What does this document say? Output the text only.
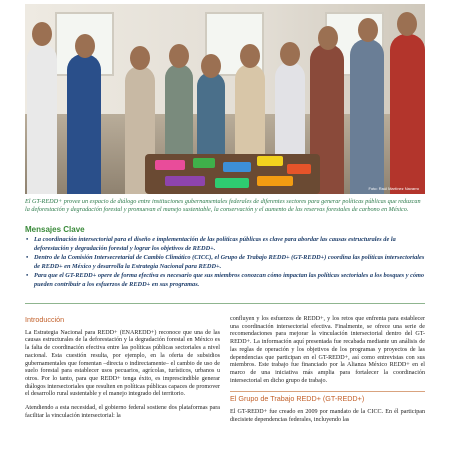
Foto: Raúl Martínez Navarro
El GT-REDD+ provee un espacio de diálogo entre instituciones gubernamentales federales de diferentes sectores para generar políticas públicas que reduzcan la deforestación y degradación forestal y promuevan el manejo sustentable, la conservación y el aumento de las reservas forestales de carbono en México.
Mensajes Clave
• La coordinación intersectorial para el diseño e implementación de las políticas públicas es clave para abordar las causas estructurales de la deforestación y degradación forestal y lograr los objetivos de REDD+.
• Dentro de la Comisión Intersecretarial de Cambio Climático (CICC), el Grupo de Trabajo REDD+ (GT-REDD+) coordina las políticas intersectoriales de REDD+ en México y desarrolla la Estrategia Nacional para REDD+.
• Para que el GT-REDD+ opere de forma efectiva es necesario que sus miembros conozcan cómo impactan las políticas sectoriales a los bosques y cómo pueden contribuir a los esfuerzos de REDD+ en sus programas.
Introducción

La Estrategia Nacional para REDD+ (ENAREDD+) reconoce que una de las causas estructurales de la deforestación y la degradación forestal en México es la falta de coordinación efectiva entre las políticas públicas sectoriales a nivel nacional. Esta cuestión resulta, por ejemplo, en la oferta de subsidios gubernamentales que fomentan –directa o indirectamente– el cambio de uso de suelo forestal para establecer usos pecuarios, agrícolas, turísticos, urbanos u otros. Por lo tanto, para que REDD+ tenga éxito, es imprescindible generar diálogos intersectoriales que resulten en políticas públicas capaces de promover el desarrollo rural sustentable y el manejo integrado del territorio.

Atendiendo a esta necesidad, el gobierno federal sostiene dos plataformas para facilitar la vinculación intersectorial: la

confluyen y los esfuerzos de REDD+, y los retos que enfrenta para establecer una coordinación intersectorial efectiva. Finalmente, se ofrece una serie de recomendaciones para mejorar la vinculación intersectorial dentro del GT-REDD+. La información aquí presentada fue recabada mediante un análisis de las reglas de operación y los objetivos de los programas y proyectos de las dependencias que participan en el GT-REDD+, así como entrevistas con sus miembros. Este trabajo fue financiado por la Alianza México REDD+ en el marco de una iniciativa más amplia para fortalecer la coordinación intersectorial en dicho grupo de trabajo.

El Grupo de Trabajo REDD+ (GT-REDD+)

El GT-REDD+ fue creado en 2009 por mandato de la CICC. En él participan diecisiete dependencias federales, incluyendo las
